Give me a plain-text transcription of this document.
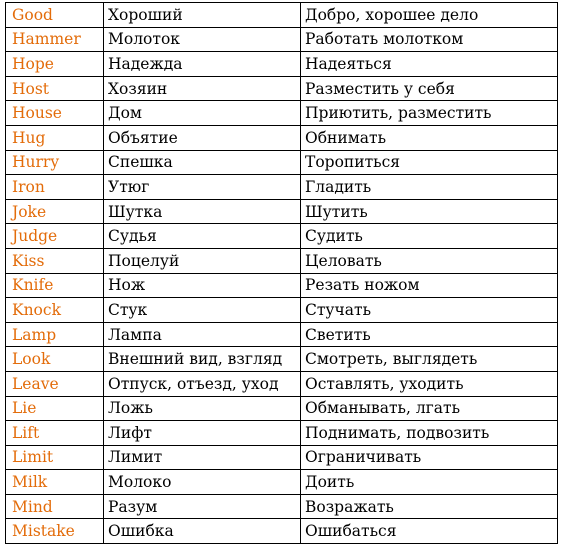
Good	Хороший	Добро, хорошее дело
Hammer	Молоток	Работать молотком
Hope	Надежда	Надеяться
Host	Хозяин	Разместить у себя
House	Дом	Приютить, разместить
Hug	Объятие	Обнимать
Hurry	Спешка	Торопиться
Iron	Утюг	Гладить
Joke	Шутка	Шутить
Judge	Судья	Судить
Kiss	Поцелуй	Целовать
Knife	Нож	Резать ножом
Knock	Стук	Стучать
Lamp	Лампа	Светить
Look	Внешний вид, взгляд	Смотреть, выглядеть
Leave	Отпуск, отъезд, уход	Оставлять, уходить
Lie	Ложь	Обманывать, лгать
Lift	Лифт	Поднимать, подвозить
Limit	Лимит	Ограничивать
Milk	Молоко	Доить
Mind	Разум	Возражать
Mistake	Ошибка	Ошибаться
